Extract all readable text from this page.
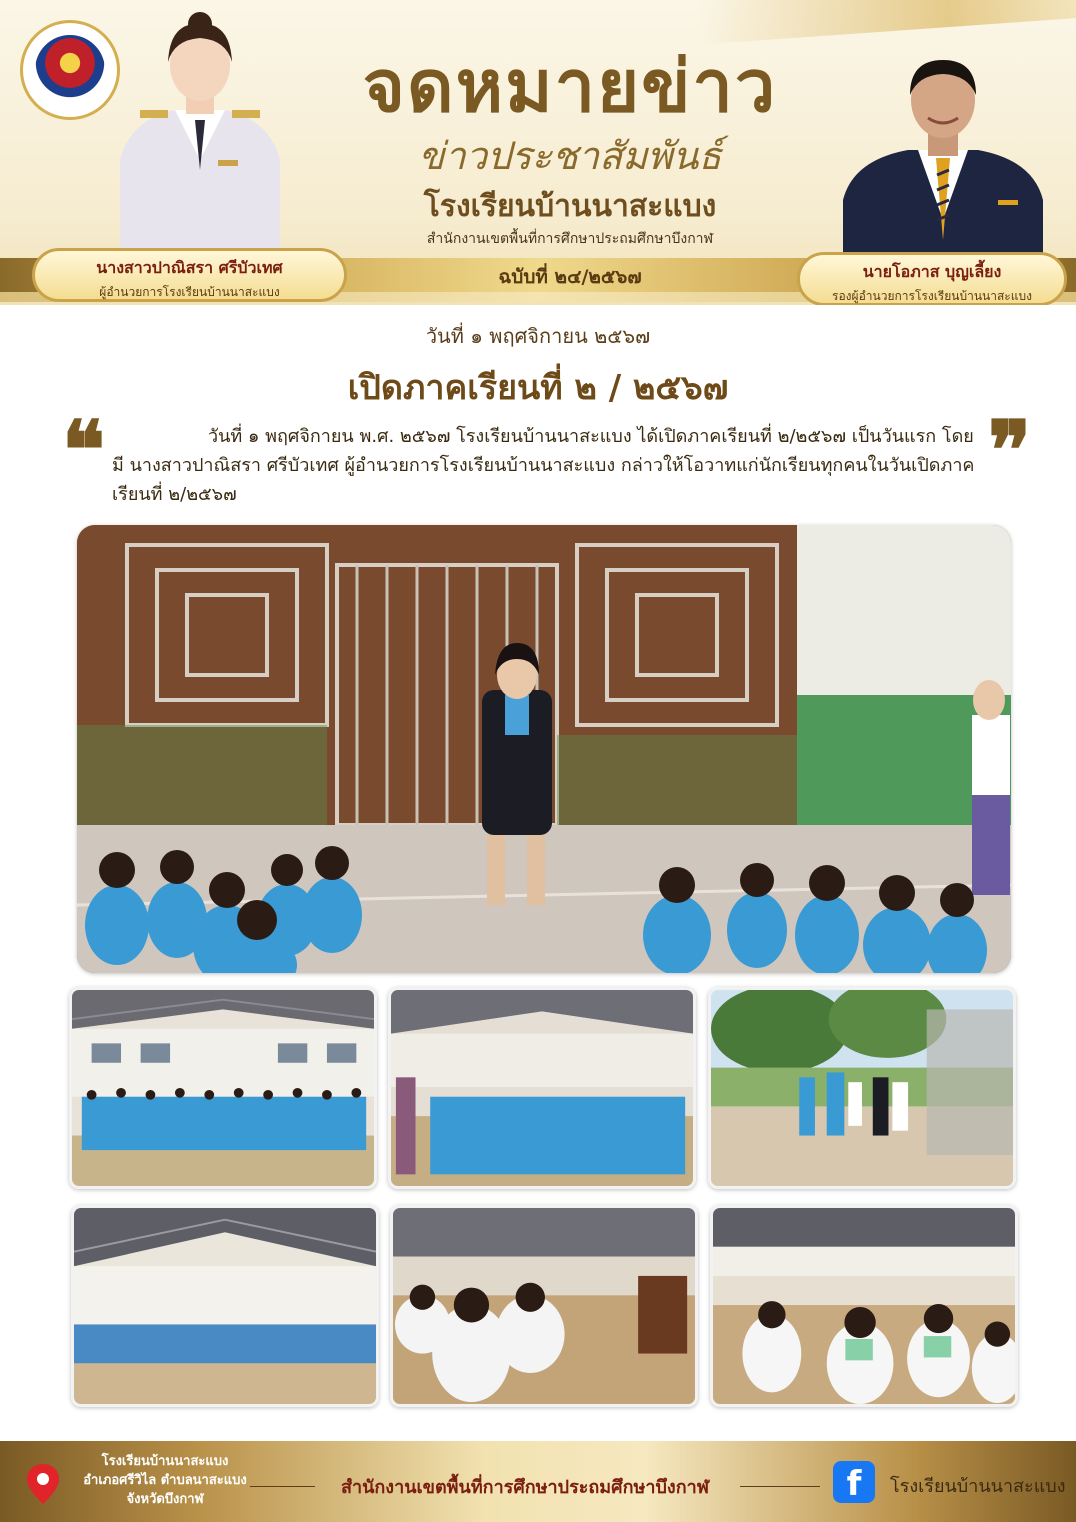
จดหมายข่าว
ข่าวประชาสัมพันธ์
โรงเรียนบ้านนาสะแบง
สำนักงานเขตพื้นที่การศึกษาประถมศึกษาบึงกาฬ
ฉบับที่ ๒๔/๒๕๖๗
นางสาวปาณิสรา ศรีบัวเทศ
ผู้อำนวยการโรงเรียนบ้านนาสะแบง
นายโอภาส บุญเลี้ยง
รองผู้อำนวยการโรงเรียนบ้านนาสะแบง
วันที่ ๑ พฤศจิกายน ๒๕๖๗
เปิดภาคเรียนที่ ๒ / ๒๕๖๗
❝	❞
วันที่ ๑ พฤศจิกายน พ.ศ. ๒๕๖๗ โรงเรียนบ้านนาสะแบง ได้เปิดภาคเรียนที่ ๒/๒๕๖๗ เป็นวันแรก โดยมี นางสาวปาณิสรา ศรีบัวเทศ ผู้อำนวยการโรงเรียนบ้านนาสะแบง กล่าวให้โอวาทแก่นักเรียนทุกคนในวันเปิดภาคเรียนที่ ๒/๒๕๖๗
โรงเรียนบ้านนาสะแบง
อำเภอศรีวิไล ตำบลนาสะแบง
จังหวัดบึงกาฬ
สำนักงานเขตพื้นที่การศึกษาประถมศึกษาบึงกาฬ	f	โรงเรียนบ้านนาสะแบง
